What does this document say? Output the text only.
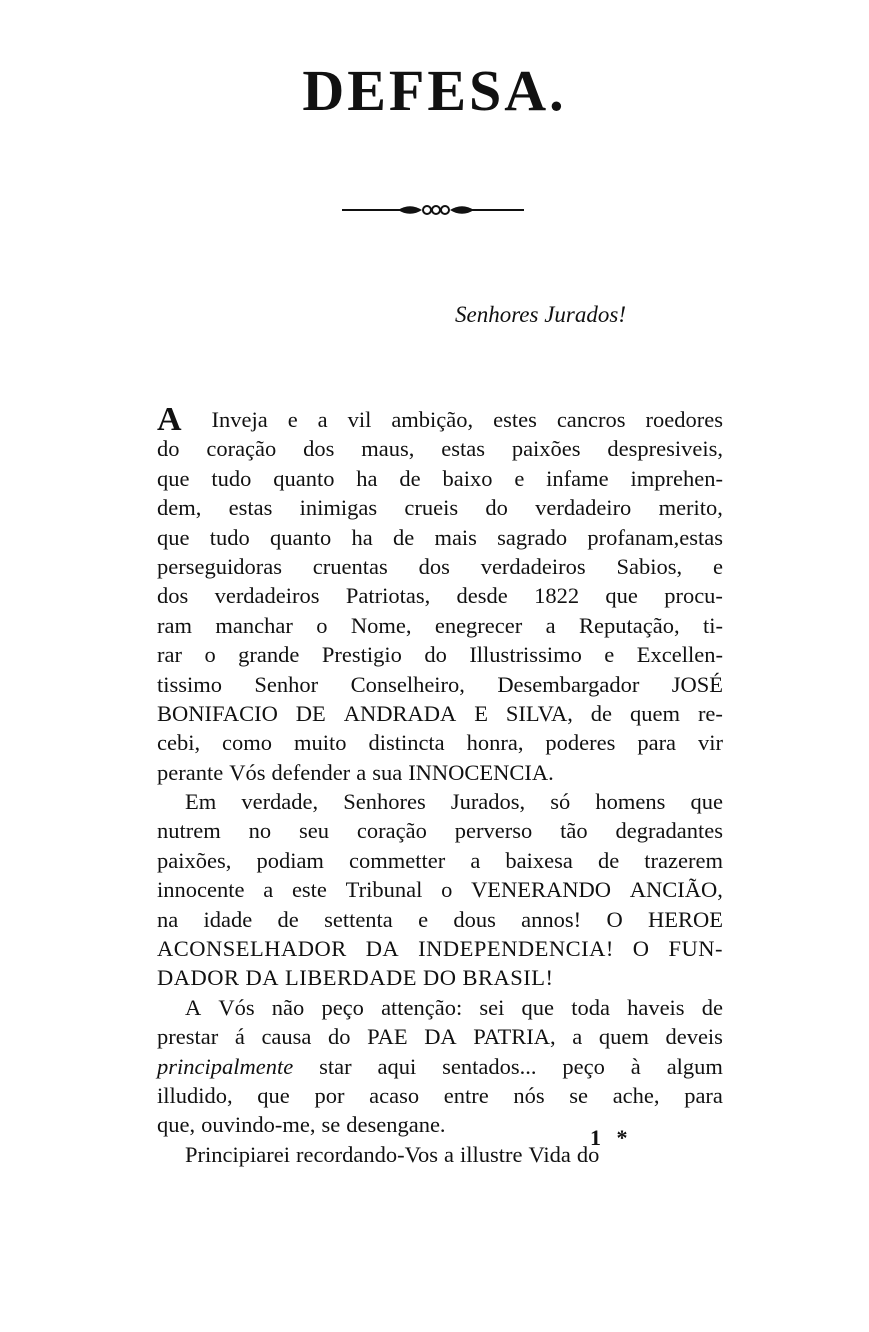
DEFESA.
Senhores Jurados!
A Inveja e a vil ambição, estes cancros roedores
do coração dos maus, estas paixões despresiveis,
que tudo quanto ha de baixo e infame imprehen-
dem, estas inimigas crueis do verdadeiro merito,
que tudo quanto ha de mais sagrado profanam,estas
perseguidoras cruentas dos verdadeiros Sabios, e
dos verdadeiros Patriotas, desde 1822 que procu-
ram manchar o Nome, enegrecer a Reputação, ti-
rar o grande Prestigio do Illustrissimo e Excellen-
tissimo Senhor Conselheiro, Desembargador JOSÉ
BONIFACIO DE ANDRADA E SILVA, de quem re-
cebi, como muito distincta honra, poderes para vir
perante Vós defender a sua INNOCENCIA.
Em verdade, Senhores Jurados, só homens que
nutrem no seu coração perverso tão degradantes
paixões, podiam commetter a baixesa de trazerem
innocente a este Tribunal o VENERANDO ANCIÃO,
na idade de settenta e dous annos! O HEROE
ACONSELHADOR DA INDEPENDENCIA! O FUN-
DADOR DA LIBERDADE DO BRASIL!
A Vós não peço attenção: sei que toda haveis de
prestar á causa do PAE DA PATRIA, a quem deveis
principalmente star aqui sentados... peço à algum
illudido, que por acaso entre nós se ache, para
que, ouvindo-me, se desengane.
Principiarei recordando-Vos a illustre Vida do
1 *
